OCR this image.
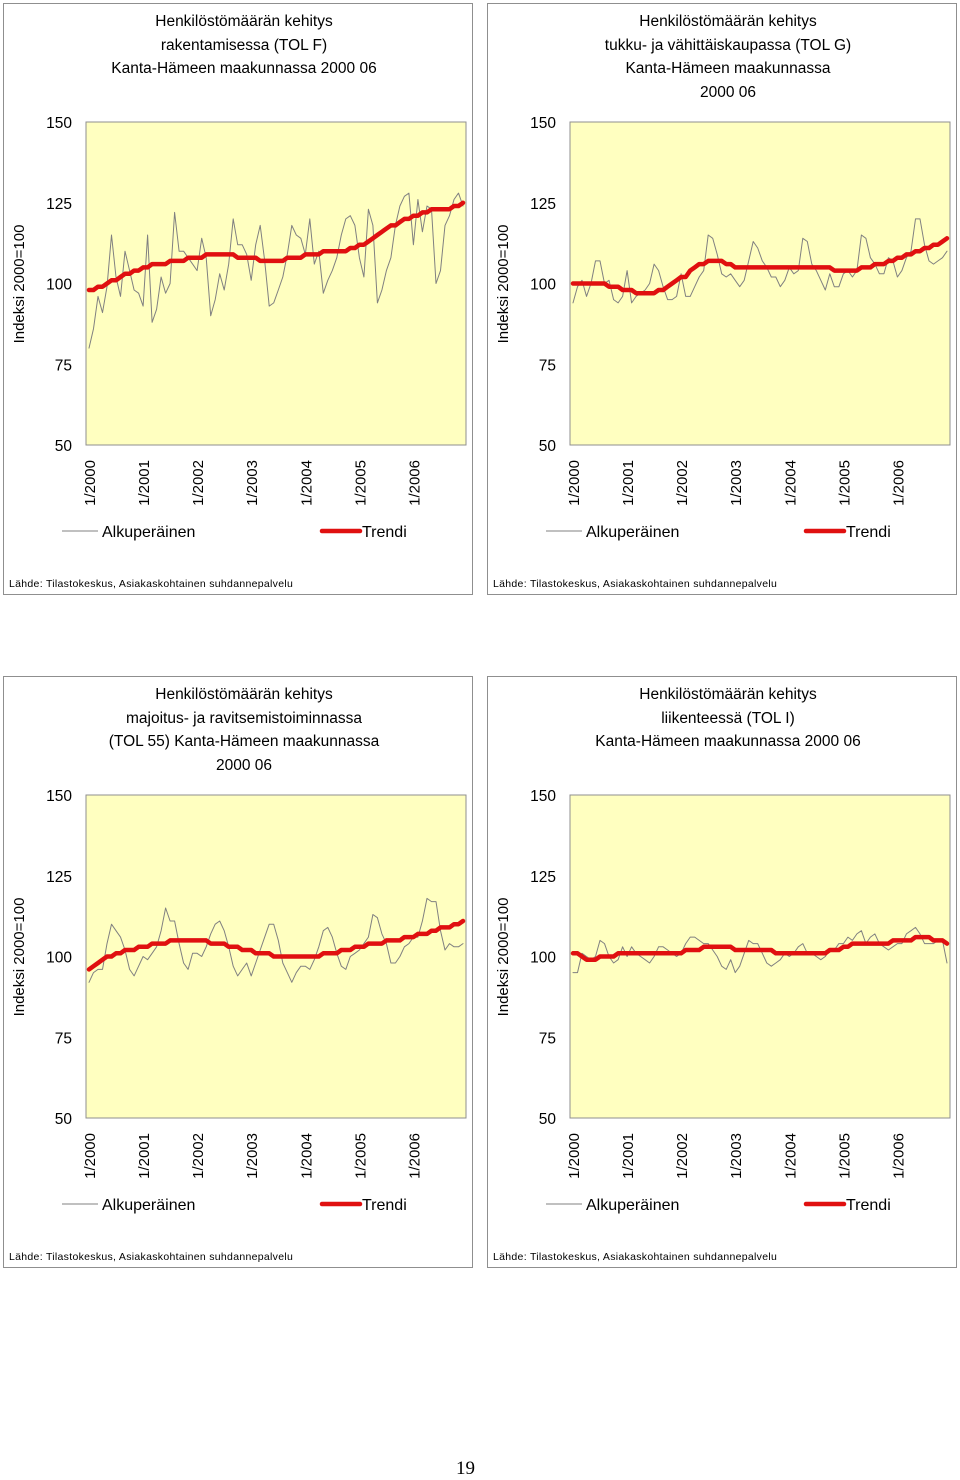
Henkilöstömäärän kehitys
rakentamisessa (TOL F)
Kanta-Hämeen maakunnassa 2000 06
50
75
100
125
150
Indeksi 2000=100
1/2000 1/2001 1/2002 1/2003 1/2004 1/2005 1/2006
Alkuperäinen	Trendi
Lähde: Tilastokeskus, Asiakaskohtainen suhdannepalvelu
Henkilöstömäärän kehitys
tukku- ja vähittäiskaupassa (TOL G)
Kanta-Hämeen maakunnassa
2000 06
50
75
100
125
150
Indeksi 2000=100
1/2000 1/2001 1/2002 1/2003 1/2004 1/2005 1/2006
Alkuperäinen	Trendi
Lähde: Tilastokeskus, Asiakaskohtainen suhdannepalvelu
Henkilöstömäärän kehitys
majoitus- ja ravitsemistoiminnassa
(TOL 55) Kanta-Hämeen maakunnassa
2000 06
50
75
100
125
150
Indeksi 2000=100
1/2000 1/2001 1/2002 1/2003 1/2004 1/2005 1/2006
Alkuperäinen	Trendi
Lähde: Tilastokeskus, Asiakaskohtainen suhdannepalvelu
Henkilöstömäärän kehitys
liikenteessä (TOL I)
Kanta-Hämeen maakunnassa 2000 06
50
75
100
125
150
Indeksi 2000=100
1/2000 1/2001 1/2002 1/2003 1/2004 1/2005 1/2006
Alkuperäinen	Trendi
Lähde: Tilastokeskus, Asiakaskohtainen suhdannepalvelu
19
